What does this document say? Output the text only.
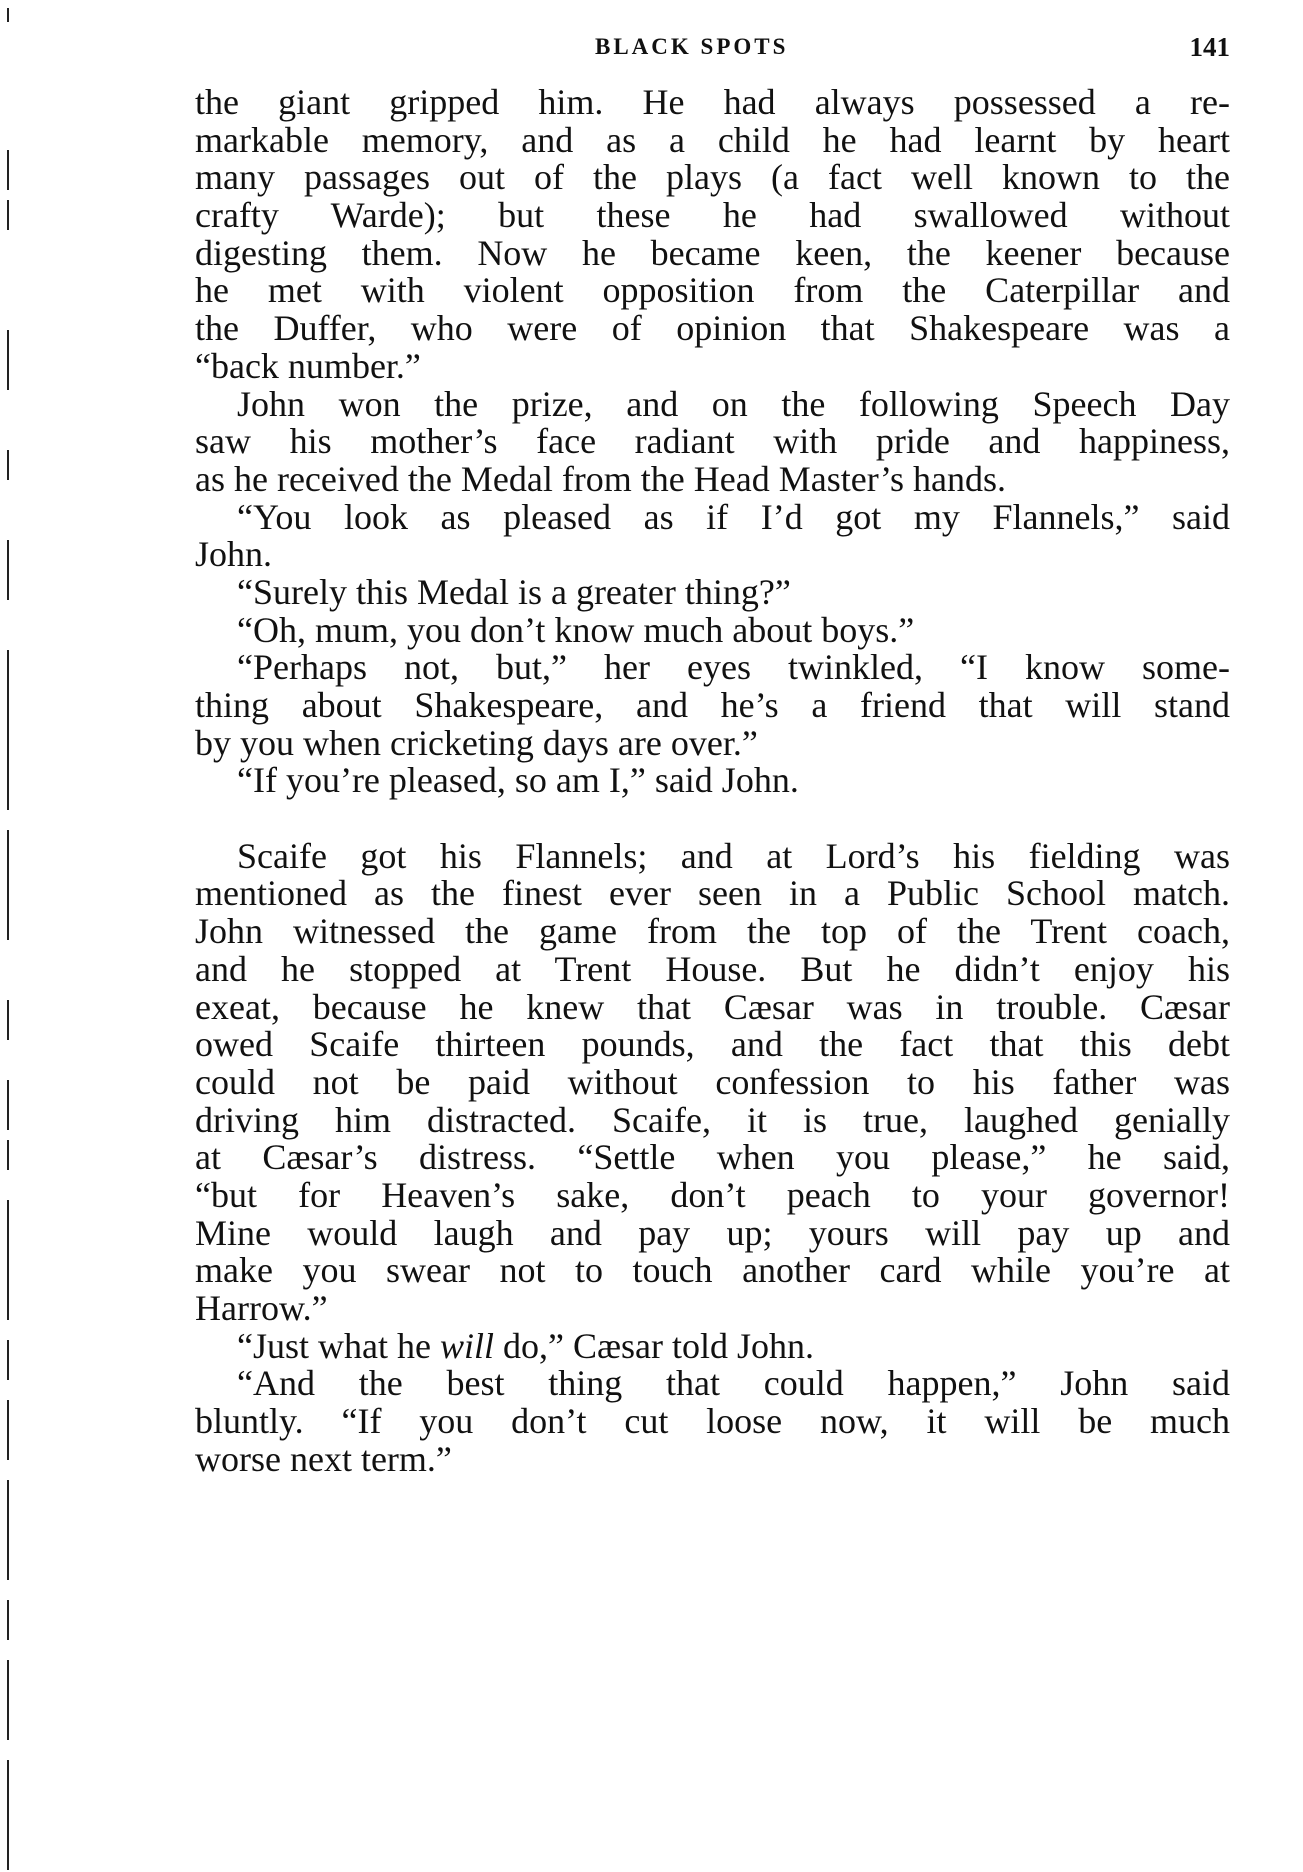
BLACK SPOTS	141
the giant gripped him. He had always possessed a re-
markable memory, and as a child he had learnt by heart
many passages out of the plays (a fact well known to the
crafty Warde); but these he had swallowed without
digesting them. Now he became keen, the keener because
he met with violent opposition from the Caterpillar and
the Duffer, who were of opinion that Shakespeare was a
“back number.”
John won the prize, and on the following Speech Day
saw his mother’s face radiant with pride and happiness,
as he received the Medal from the Head Master’s hands.
“You look as pleased as if I’d got my Flannels,” said
John.
“Surely this Medal is a greater thing?”
“Oh, mum, you don’t know much about boys.”
“Perhaps not, but,” her eyes twinkled, “I know some-
thing about Shakespeare, and he’s a friend that will stand
by you when cricketing days are over.”
“If you’re pleased, so am I,” said John.
Scaife got his Flannels; and at Lord’s his fielding was
mentioned as the finest ever seen in a Public School match.
John witnessed the game from the top of the Trent coach,
and he stopped at Trent House. But he didn’t enjoy his
exeat, because he knew that Cæsar was in trouble. Cæsar
owed Scaife thirteen pounds, and the fact that this debt
could not be paid without confession to his father was
driving him distracted. Scaife, it is true, laughed genially
at Cæsar’s distress. “Settle when you please,” he said,
“but for Heaven’s sake, don’t peach to your governor!
Mine would laugh and pay up; yours will pay up and
make you swear not to touch another card while you’re at
Harrow.”
“Just what he will do,” Cæsar told John.
“And the best thing that could happen,” John said
bluntly. “If you don’t cut loose now, it will be much
worse next term.”
